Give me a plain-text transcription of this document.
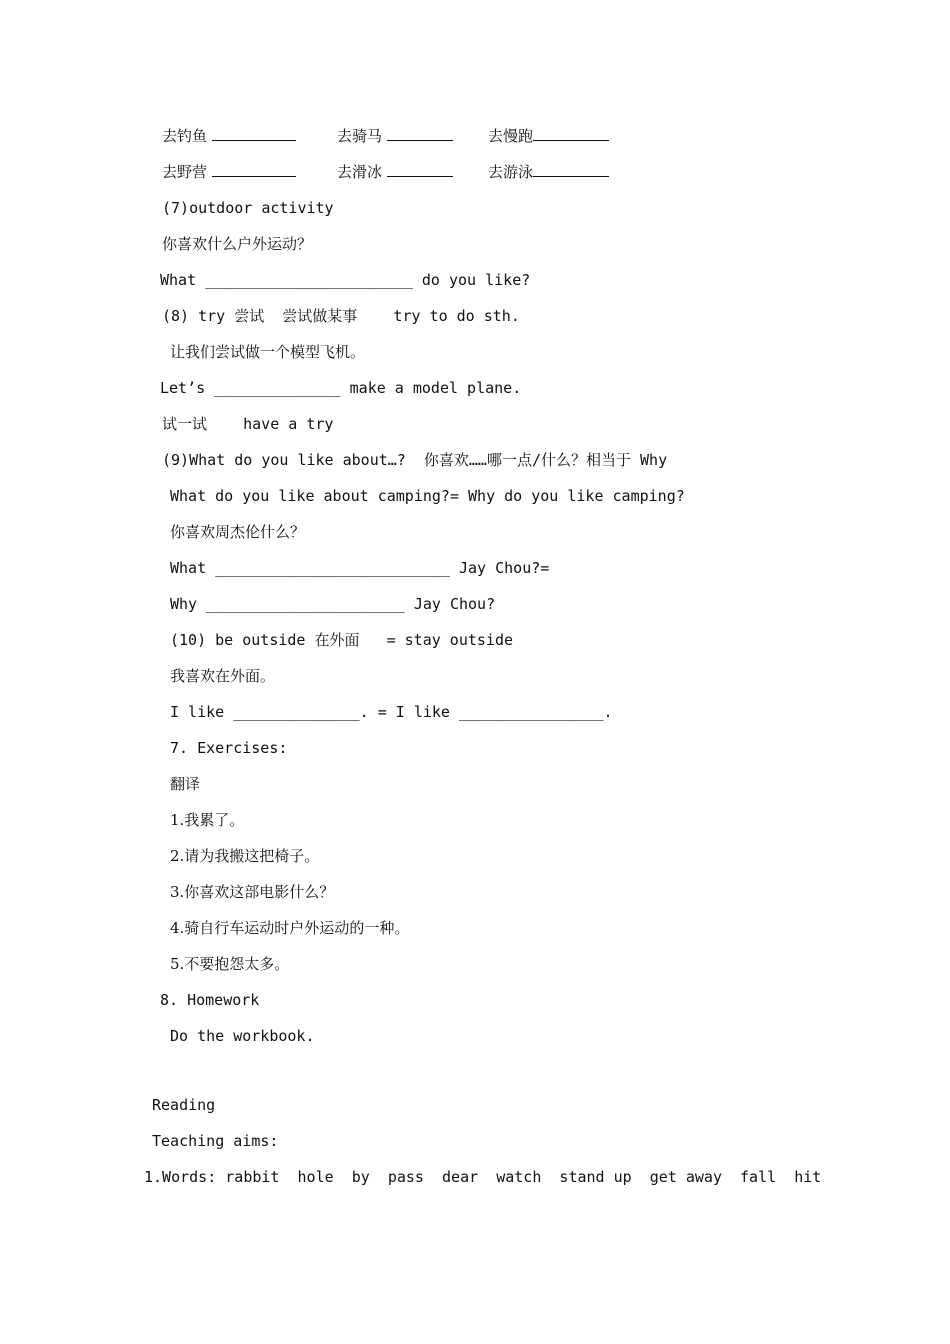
去钓鱼	去骑马	去慢跑
去野营	去滑冰	去游泳
(7)outdoor activity
你喜欢什么户外运动？
What _______________________ do you like?
(8) try 尝试  尝试做某事    try to do sth.
让我们尝试做一个模型飞机。
Let’s ______________ make a model plane.
试一试    have a try
(9)What do you like about…?  你喜欢……哪一点/什么？相当于 Why
What do you like about camping?= Why do you like camping?
你喜欢周杰伦什么？
What __________________________ Jay Chou?=
Why ______________________ Jay Chou?
(10) be outside 在外面   = stay outside
我喜欢在外面。
I like ______________. = I like ________________.
7. Exercises:
翻译
1.我累了。
2.请为我搬这把椅子。
3.你喜欢这部电影什么？
4.骑自行车运动时户外运动的一种。
5.不要抱怨太多。
8. Homework
Do the workbook.
Reading
Teaching aims:
1.Words: rabbit  hole  by  pass  dear  watch  stand up  get away  fall  hit
